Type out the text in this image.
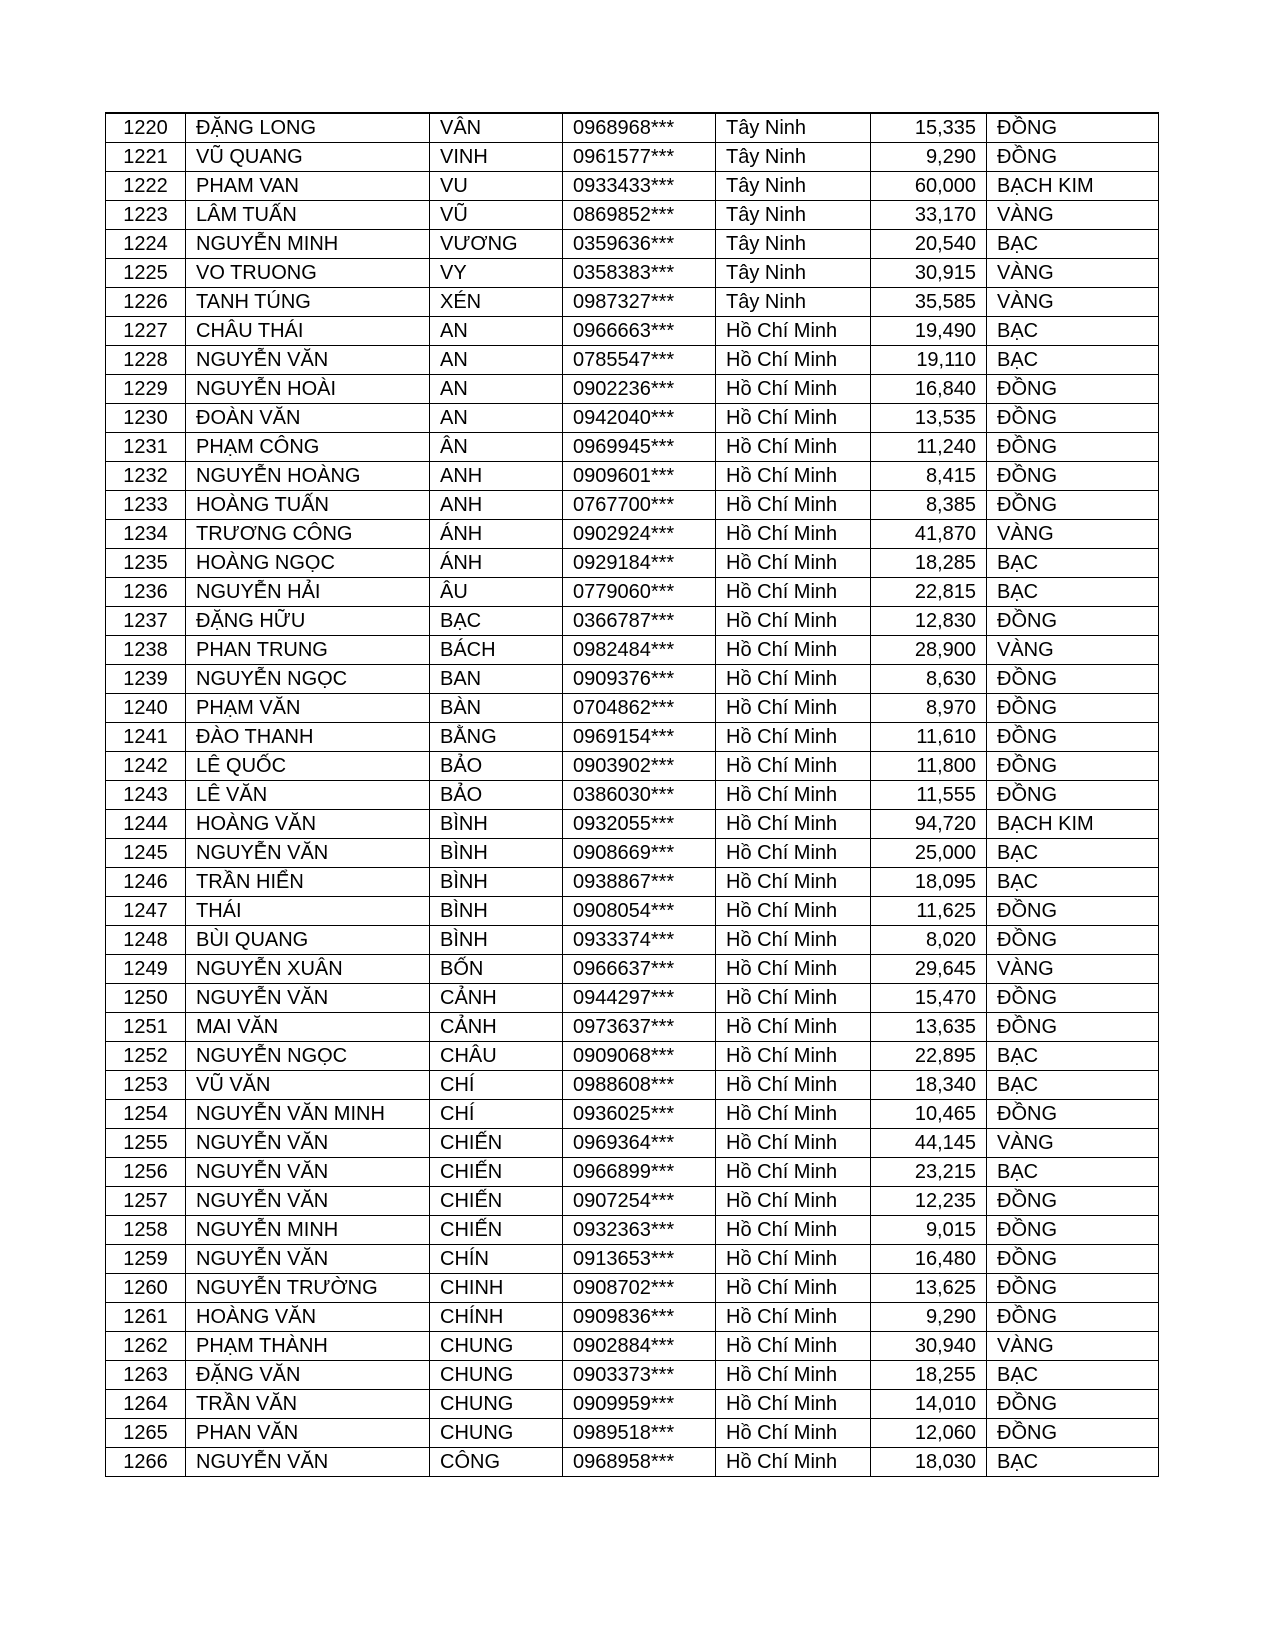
1220	ĐẶNG LONG	VÂN	0968968***	Tây Ninh	15,335	ĐỒNG
1221	VŨ QUANG	VINH	0961577***	Tây Ninh	9,290	ĐỒNG
1222	PHAM VAN	VU	0933433***	Tây Ninh	60,000	BẠCH KIM
1223	LÂM TUẤN	VŨ	0869852***	Tây Ninh	33,170	VÀNG
1224	NGUYỄN MINH	VƯƠNG	0359636***	Tây Ninh	20,540	BẠC
1225	VO TRUONG	VY	0358383***	Tây Ninh	30,915	VÀNG
1226	TANH TÚNG	XÉN	0987327***	Tây Ninh	35,585	VÀNG
1227	CHÂU THÁI	AN	0966663***	Hồ Chí Minh	19,490	BẠC
1228	NGUYỄN VĂN	AN	0785547***	Hồ Chí Minh	19,110	BẠC
1229	NGUYỄN HOÀI	AN	0902236***	Hồ Chí Minh	16,840	ĐỒNG
1230	ĐOÀN VĂN	AN	0942040***	Hồ Chí Minh	13,535	ĐỒNG
1231	PHẠM CÔNG	ÂN	0969945***	Hồ Chí Minh	11,240	ĐỒNG
1232	NGUYỄN HOÀNG	ANH	0909601***	Hồ Chí Minh	8,415	ĐỒNG
1233	HOÀNG TUẤN	ANH	0767700***	Hồ Chí Minh	8,385	ĐỒNG
1234	TRƯƠNG CÔNG	ÁNH	0902924***	Hồ Chí Minh	41,870	VÀNG
1235	HOÀNG NGỌC	ÁNH	0929184***	Hồ Chí Minh	18,285	BẠC
1236	NGUYỄN HẢI	ÂU	0779060***	Hồ Chí Minh	22,815	BẠC
1237	ĐẶNG HỮU	BẠC	0366787***	Hồ Chí Minh	12,830	ĐỒNG
1238	PHAN TRUNG	BÁCH	0982484***	Hồ Chí Minh	28,900	VÀNG
1239	NGUYỄN NGỌC	BAN	0909376***	Hồ Chí Minh	8,630	ĐỒNG
1240	PHẠM VĂN	BÀN	0704862***	Hồ Chí Minh	8,970	ĐỒNG
1241	ĐÀO THANH	BẰNG	0969154***	Hồ Chí Minh	11,610	ĐỒNG
1242	LÊ QUỐC	BẢO	0903902***	Hồ Chí Minh	11,800	ĐỒNG
1243	LÊ VĂN	BẢO	0386030***	Hồ Chí Minh	11,555	ĐỒNG
1244	HOÀNG VĂN	BÌNH	0932055***	Hồ Chí Minh	94,720	BẠCH KIM
1245	NGUYỄN VĂN	BÌNH	0908669***	Hồ Chí Minh	25,000	BẠC
1246	TRẦN HIỂN	BÌNH	0938867***	Hồ Chí Minh	18,095	BẠC
1247	THÁI	BÌNH	0908054***	Hồ Chí Minh	11,625	ĐỒNG
1248	BÙI QUANG	BÌNH	0933374***	Hồ Chí Minh	8,020	ĐỒNG
1249	NGUYỄN XUÂN	BỐN	0966637***	Hồ Chí Minh	29,645	VÀNG
1250	NGUYỄN VĂN	CẢNH	0944297***	Hồ Chí Minh	15,470	ĐỒNG
1251	MAI VĂN	CẢNH	0973637***	Hồ Chí Minh	13,635	ĐỒNG
1252	NGUYỄN NGỌC	CHÂU	0909068***	Hồ Chí Minh	22,895	BẠC
1253	VŨ VĂN	CHÍ	0988608***	Hồ Chí Minh	18,340	BẠC
1254	NGUYỄN VĂN MINH	CHÍ	0936025***	Hồ Chí Minh	10,465	ĐỒNG
1255	NGUYỄN VĂN	CHIẾN	0969364***	Hồ Chí Minh	44,145	VÀNG
1256	NGUYỄN VĂN	CHIẾN	0966899***	Hồ Chí Minh	23,215	BẠC
1257	NGUYỄN VĂN	CHIẾN	0907254***	Hồ Chí Minh	12,235	ĐỒNG
1258	NGUYỄN MINH	CHIẾN	0932363***	Hồ Chí Minh	9,015	ĐỒNG
1259	NGUYỄN VĂN	CHÍN	0913653***	Hồ Chí Minh	16,480	ĐỒNG
1260	NGUYỄN TRƯỜNG	CHINH	0908702***	Hồ Chí Minh	13,625	ĐỒNG
1261	HOÀNG VĂN	CHÍNH	0909836***	Hồ Chí Minh	9,290	ĐỒNG
1262	PHẠM THÀNH	CHUNG	0902884***	Hồ Chí Minh	30,940	VÀNG
1263	ĐẶNG VĂN	CHUNG	0903373***	Hồ Chí Minh	18,255	BẠC
1264	TRẦN VĂN	CHUNG	0909959***	Hồ Chí Minh	14,010	ĐỒNG
1265	PHAN VĂN	CHUNG	0989518***	Hồ Chí Minh	12,060	ĐỒNG
1266	NGUYỄN VĂN	CÔNG	0968958***	Hồ Chí Minh	18,030	BẠC
